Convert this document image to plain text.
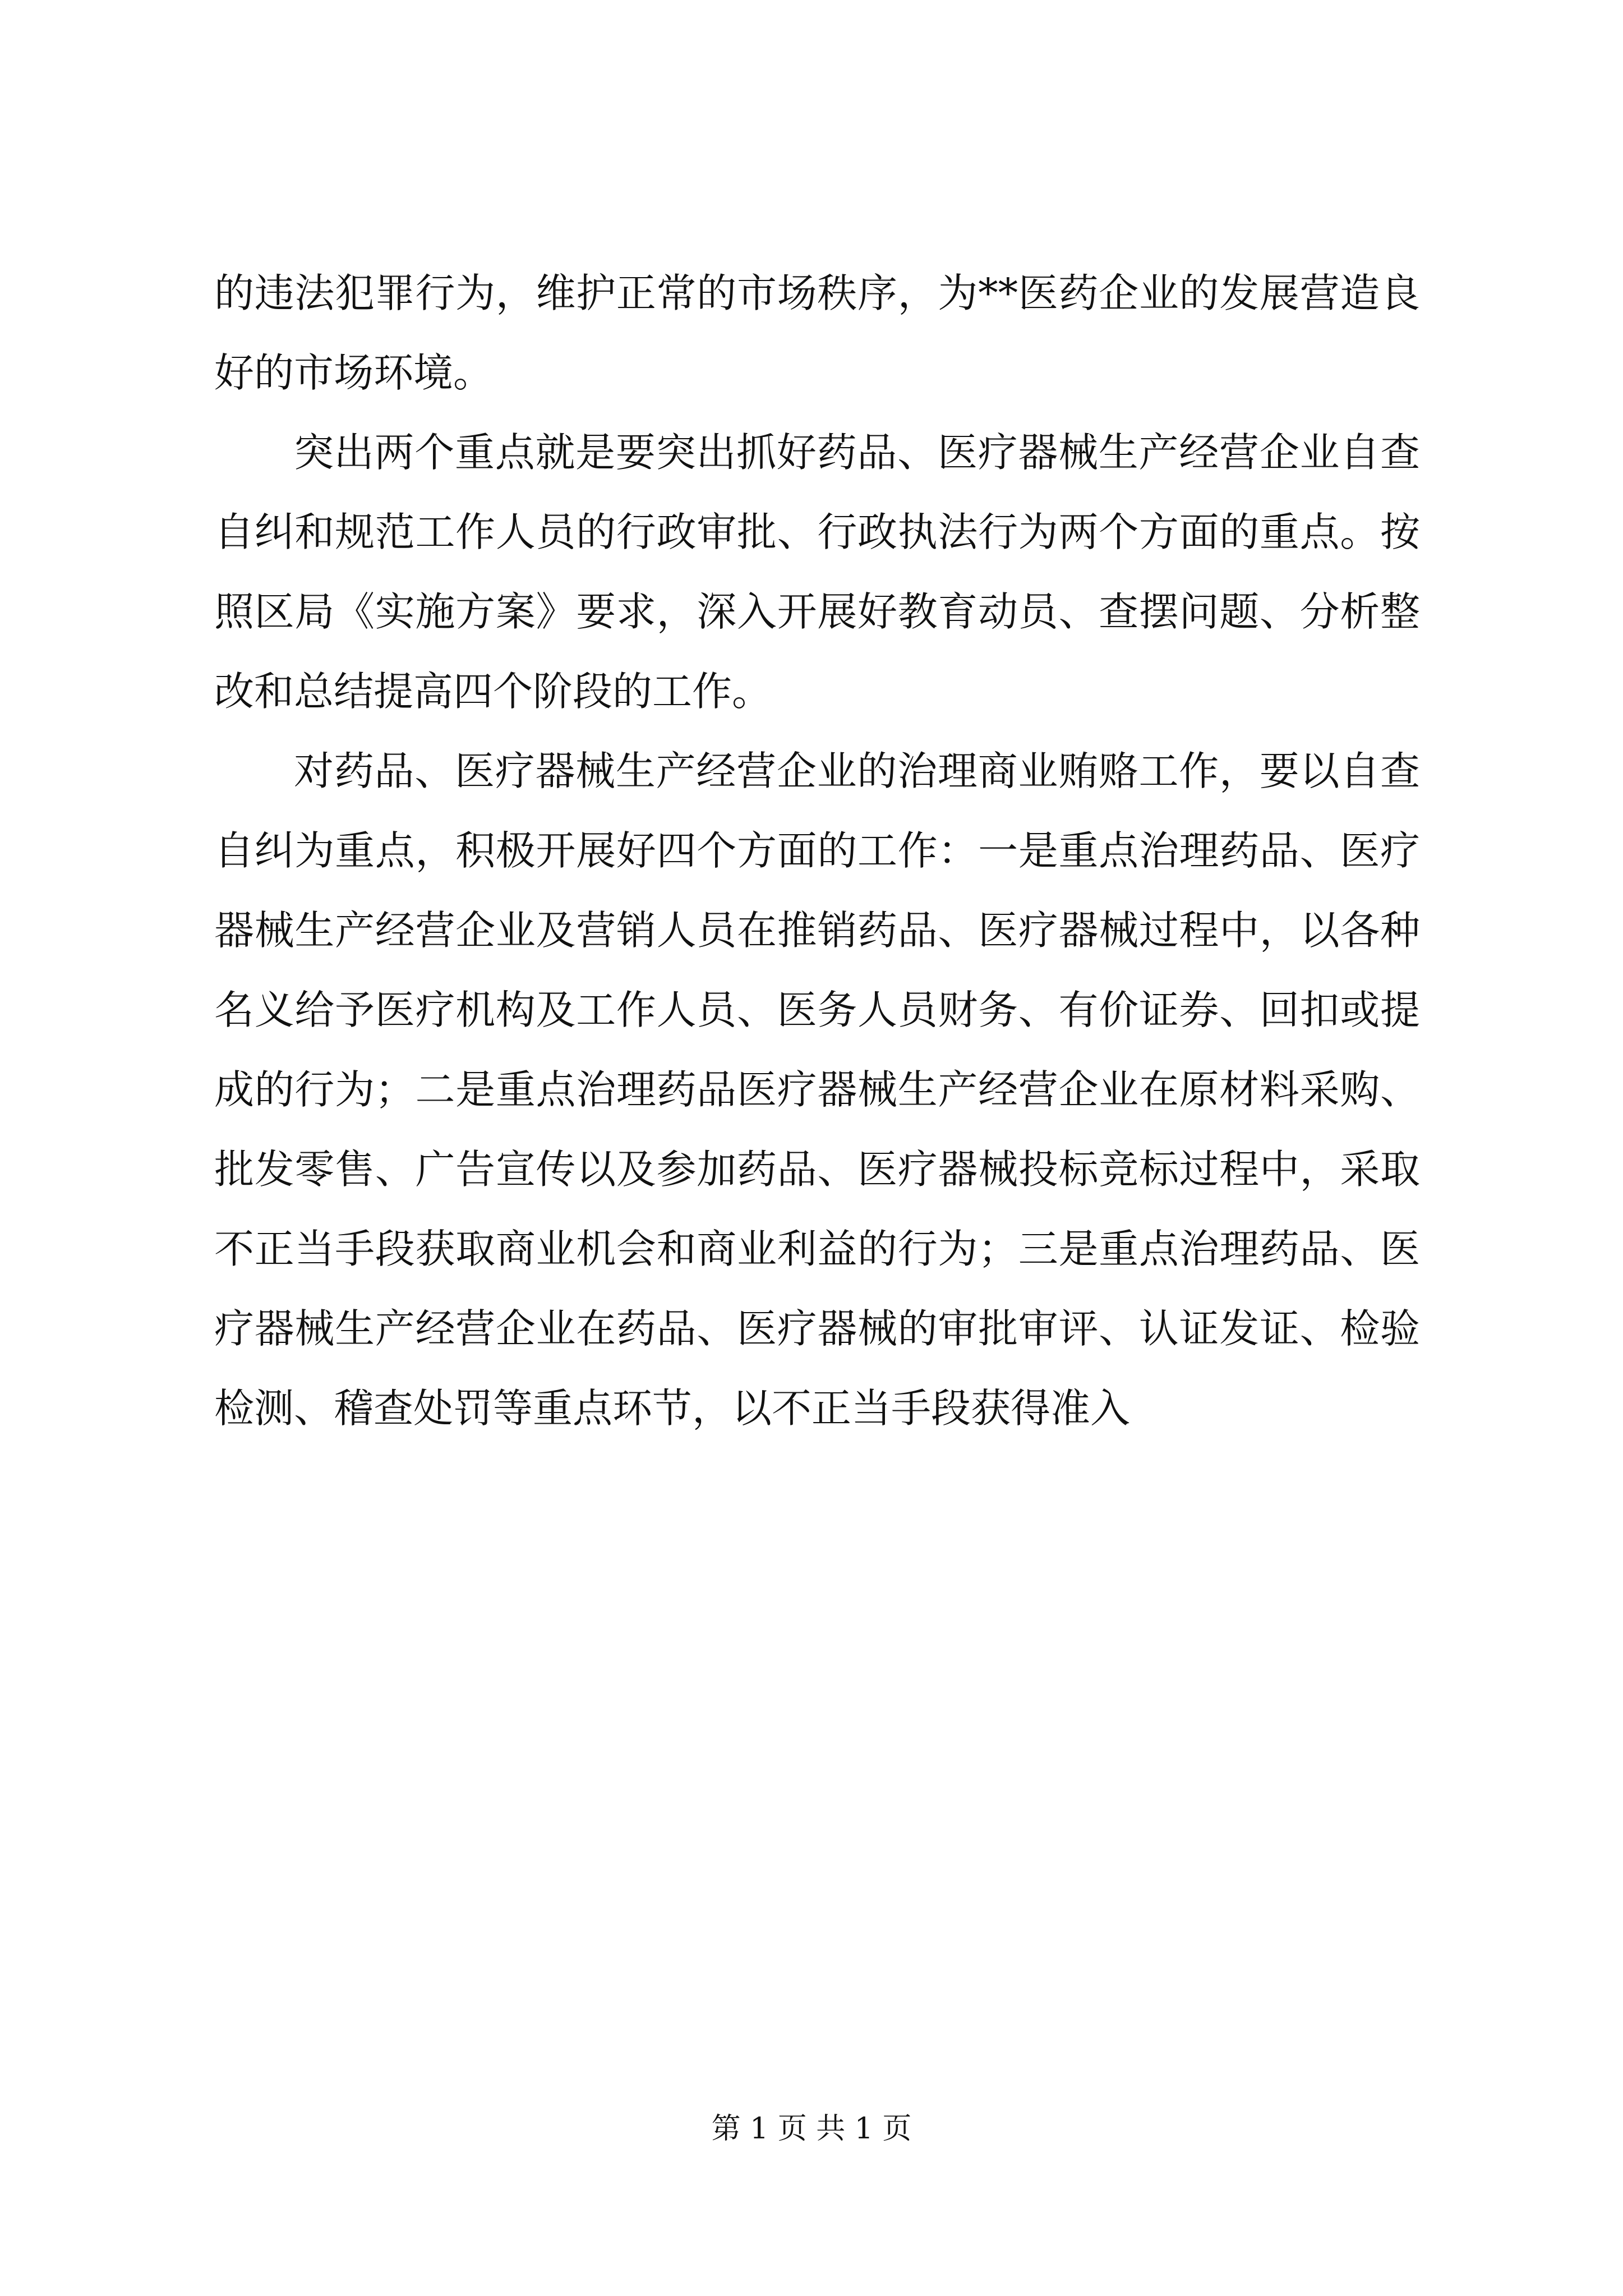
的违法犯罪行为，维护正常的市场秩序，为**医药企业的发展营造良好的市场环境。

突出两个重点就是要突出抓好药品、医疗器械生产经营企业自查自纠和规范工作人员的行政审批、行政执法行为两个方面的重点。按照区局《实施方案》要求，深入开展好教育动员、查摆问题、分析整改和总结提高四个阶段的工作。

对药品、医疗器械生产经营企业的治理商业贿赂工作，要以自查自纠为重点，积极开展好四个方面的工作：一是重点治理药品、医疗器械生产经营企业及营销人员在推销药品、医疗器械过程中，以各种名义给予医疗机构及工作人员、医务人员财务、有价证券、回扣或提成的行为；二是重点治理药品医疗器械生产经营企业在原材料采购、批发零售、广告宣传以及参加药品、医疗器械投标竞标过程中，采取不正当手段获取商业机会和商业利益的行为；三是重点治理药品、医疗器械生产经营企业在药品、医疗器械的审批审评、认证发证、检验检测、稽查处罚等重点环节，以不正当手段获得准入

第 1 页 共 1 页
